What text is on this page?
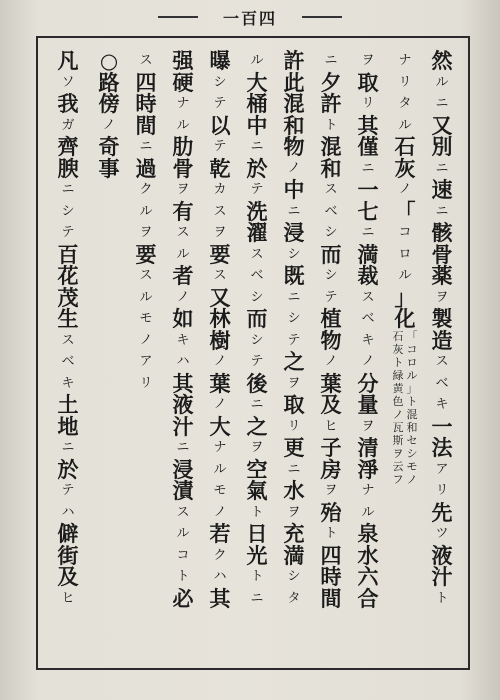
一百四
然
ル
ニ
又
別
ニ
速
ニ
骸
骨
薬
ヲ
製
造
ス
ベ
キ
一
法
ア
リ
先
ツ
液
汁
ト
ナ
リ
タ
ル
石
灰
ノ
「
コ
ロ
ル
」
化
「
コ
ロ
ル
」
ト
混
和
セ
シ
モ
ノ
石
灰
ト
緑
黄
色
ノ
瓦
斯
ヲ
云
フ
ヲ
取
リ
其
僅
ニ
一
七
ニ
満
裁
ス
ベ
キ
ノ
分
量
ヲ
清
淨
ナ
ル
泉
水
六
合
ニ
夕
許
ト
混
和
ス
ベ
シ
而
シ
テ
植
物
ノ
葉
及
ヒ
子
房
ヲ
殆
ト
四
時
間
許
此
混
和
物
ノ
中
ニ
浸
シ
既
ニ
シ
テ
之
ヲ
取
リ
更
ニ
水
ヲ
充
満
シ
タ
ル
大
桶
中
ニ
於
テ
洗
濯
ス
ベ
シ
而
シ
テ
後
ニ
之
ヲ
空
氣
ト
日
光
ト
ニ
曝
シ
テ
以
テ
乾
カ
ス
ヲ
要
ス
又
林
樹
ノ
葉
ノ
大
ナ
ル
モ
ノ
若
ク
ハ
其
强
硬
ナ
ル
肋
骨
ヲ
有
ス
ル
者
ノ
如
キ
ハ
其
液
汁
ニ
浸
漬
ス
ル
コ
ト
必
ス
四
時
間
ニ
過
ク
ル
ヲ
要
ス
ル
モ
ノ
ア
リ
○
路
傍
ノ
奇
事
凡
ソ
我
ガ
齊
腴
ニ
シ
テ
百
花
茂
生
ス
ベ
キ
土
地
ニ
於
テ
ハ
僻
街
及
ヒ
